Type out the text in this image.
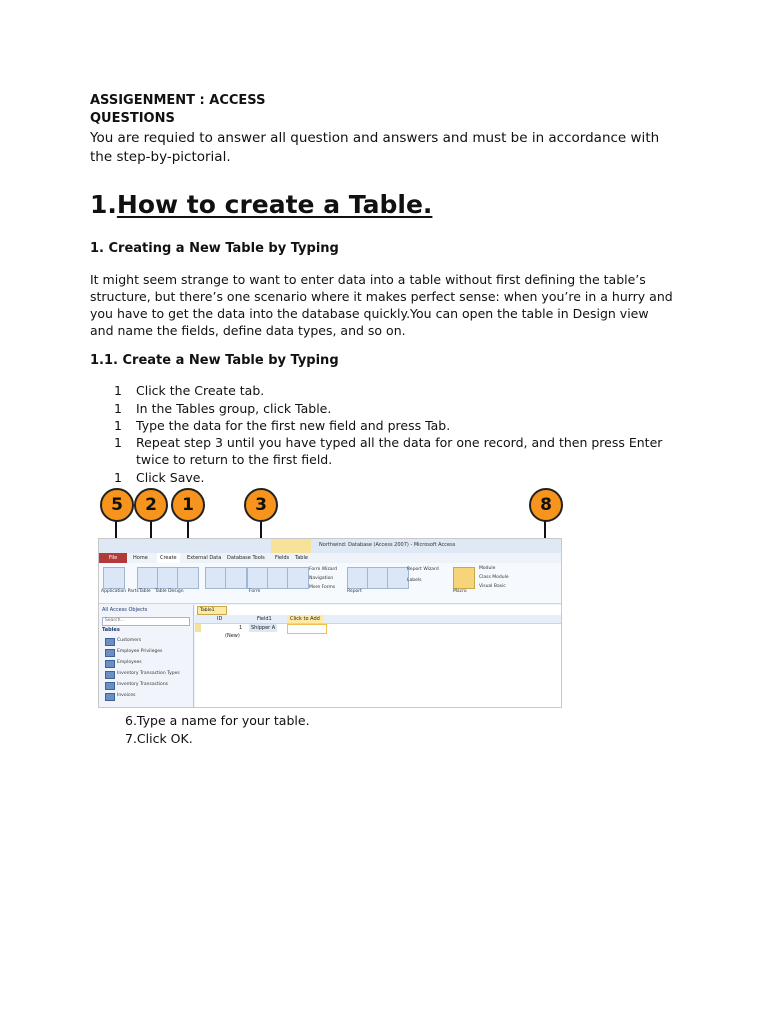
ASSIGENMENT : ACCESS
QUESTIONS
You are requied to answer all question and answers and must be in accordance with
the step-by-pictorial.
1.How to create a Table.
1. Creating a New Table by Typing
It might seem strange to want to enter data into a table without first defining the table’s
structure, but there’s one scenario where it makes perfect sense: when you’re in a hurry and
you have to get the data into the database quickly.You can open the table in Design view
and name the fields, define data types, and so on.
1.1. Create a New Table by Typing
1 Click the Create tab.
1 In the Tables group, click Table.
1 Type the data for the first new field and press Tab.
1 Repeat step 3 until you have typed all the data for one record, and then press Enter
twice to return to the first field.
1 Click Save.
5	2	1	3	8
Northwind: Database (Access 2007) - Microsoft Access
File	Home	Create	External Data Database Tools Fields Table
Application Parts Table Table Design	Form
Form Wizard
Navigation
More Forms
Report
Report Wizard
Labels
Macro
Module
Class Module
Visual Basic
All Access Objects
Search...
Tables
Customers
Employee Privileges
Employees
Inventory Transaction Types
Inventory Transactions
Invoices
Table1
ID	Field1	Click to Add
1	Shipper A
(New)
6.Type a name for your table.
7.Click OK.
